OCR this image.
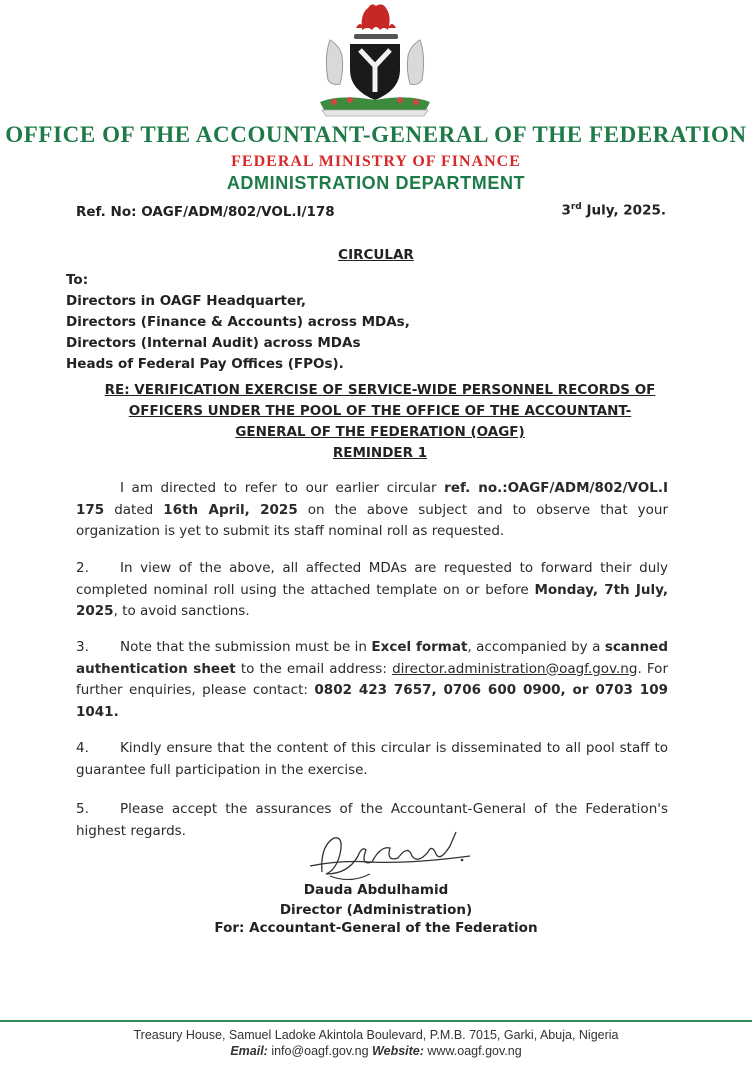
OFFICE OF THE ACCOUNTANT-GENERAL OF THE FEDERATION
FEDERAL MINISTRY OF FINANCE
ADMINISTRATION DEPARTMENT
Ref. No: OAGF/ADM/802/VOL.I/178	3rd July, 2025.
CIRCULAR
To:
Directors in OAGF Headquarter,
Directors (Finance & Accounts) across MDAs,
Directors (Internal Audit) across MDAs
Heads of Federal Pay Offices (FPOs).
RE: VERIFICATION EXERCISE OF SERVICE-WIDE PERSONNEL RECORDS OF
OFFICERS UNDER THE POOL OF THE OFFICE OF THE ACCOUNTANT-
GENERAL OF THE FEDERATION (OAGF)
REMINDER 1
I am directed to refer to our earlier circular ref. no.:OAGF/ADM/802/VOL.I 175 dated 16th April, 2025 on the above subject and to observe that your organization is yet to submit its staff nominal roll as requested.
2. In view of the above, all affected MDAs are requested to forward their duly completed nominal roll using the attached template on or before Monday, 7th July, 2025, to avoid sanctions.
3. Note that the submission must be in Excel format, accompanied by a scanned authentication sheet to the email address: director.administration@oagf.gov.ng. For further enquiries, please contact: 0802 423 7657, 0706 600 0900, or 0703 109 1041.
4. Kindly ensure that the content of this circular is disseminated to all pool staff to guarantee full participation in the exercise.
5. Please accept the assurances of the Accountant-General of the Federation's highest regards.
Dauda Abdulhamid
Director (Administration)
For: Accountant-General of the Federation
Treasury House, Samuel Ladoke Akintola Boulevard, P.M.B. 7015, Garki, Abuja, Nigeria
Email: info@oagf.gov.ng Website: www.oagf.gov.ng
